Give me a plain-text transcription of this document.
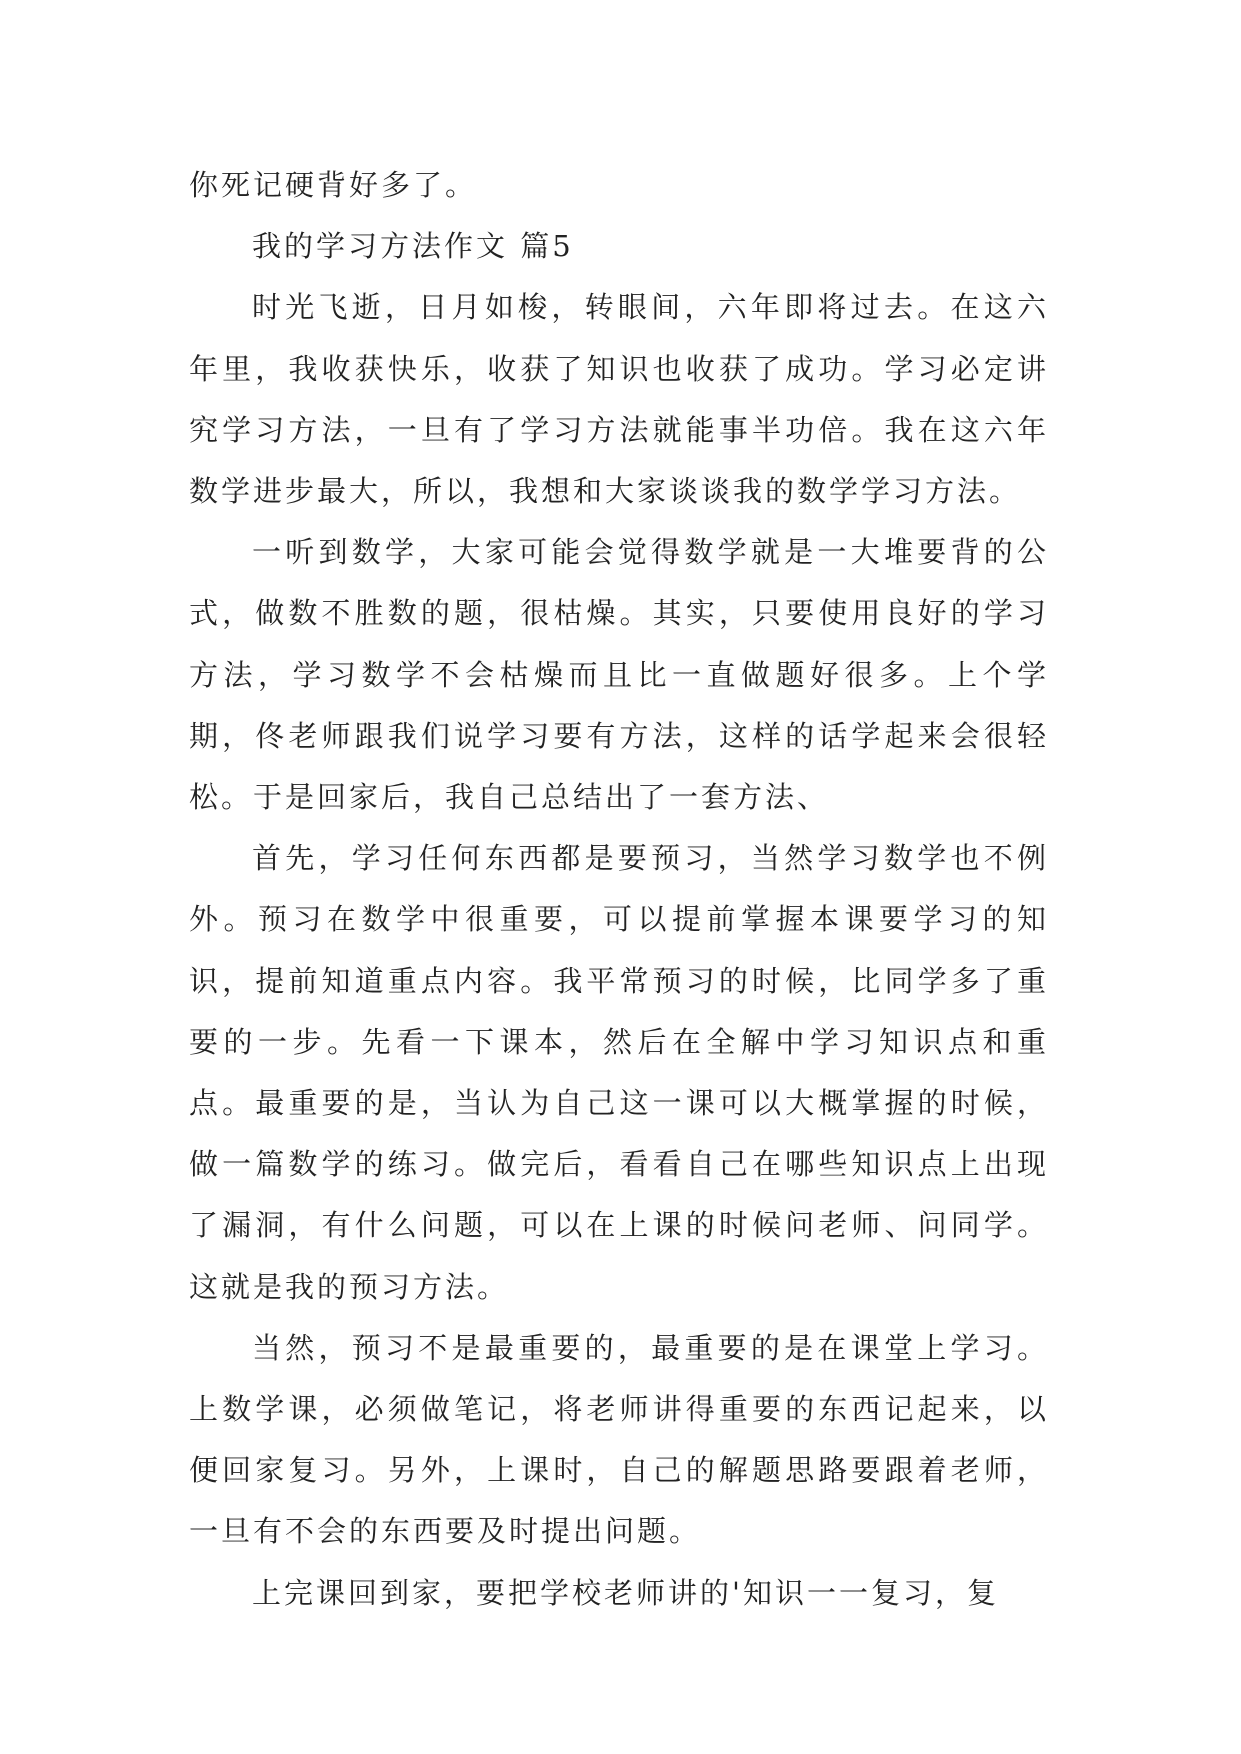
你死记硬背好多了。

我的学习方法作文 篇5

时光飞逝，日月如梭，转眼间，六年即将过去。在这六年里，我收获快乐，收获了知识也收获了成功。学习必定讲究学习方法，一旦有了学习方法就能事半功倍。我在这六年数学进步最大，所以，我想和大家谈谈我的数学学习方法。

一听到数学，大家可能会觉得数学就是一大堆要背的公式，做数不胜数的题，很枯燥。其实，只要使用良好的学习方法，学习数学不会枯燥而且比一直做题好很多。上个学期，佟老师跟我们说学习要有方法，这样的话学起来会很轻松。于是回家后，我自己总结出了一套方法、

首先，学习任何东西都是要预习，当然学习数学也不例外。预习在数学中很重要，可以提前掌握本课要学习的知识，提前知道重点内容。我平常预习的时候，比同学多了重要的一步。先看一下课本，然后在全解中学习知识点和重点。最重要的是，当认为自己这一课可以大概掌握的时候，做一篇数学的练习。做完后，看看自己在哪些知识点上出现了漏洞，有什么问题，可以在上课的时候问老师、问同学。这就是我的预习方法。

当然，预习不是最重要的，最重要的是在课堂上学习。上数学课，必须做笔记，将老师讲得重要的东西记起来，以便回家复习。另外，上课时，自己的解题思路要跟着老师，一旦有不会的东西要及时提出问题。

上完课回到家，要把学校老师讲的'知识一一复习，复
